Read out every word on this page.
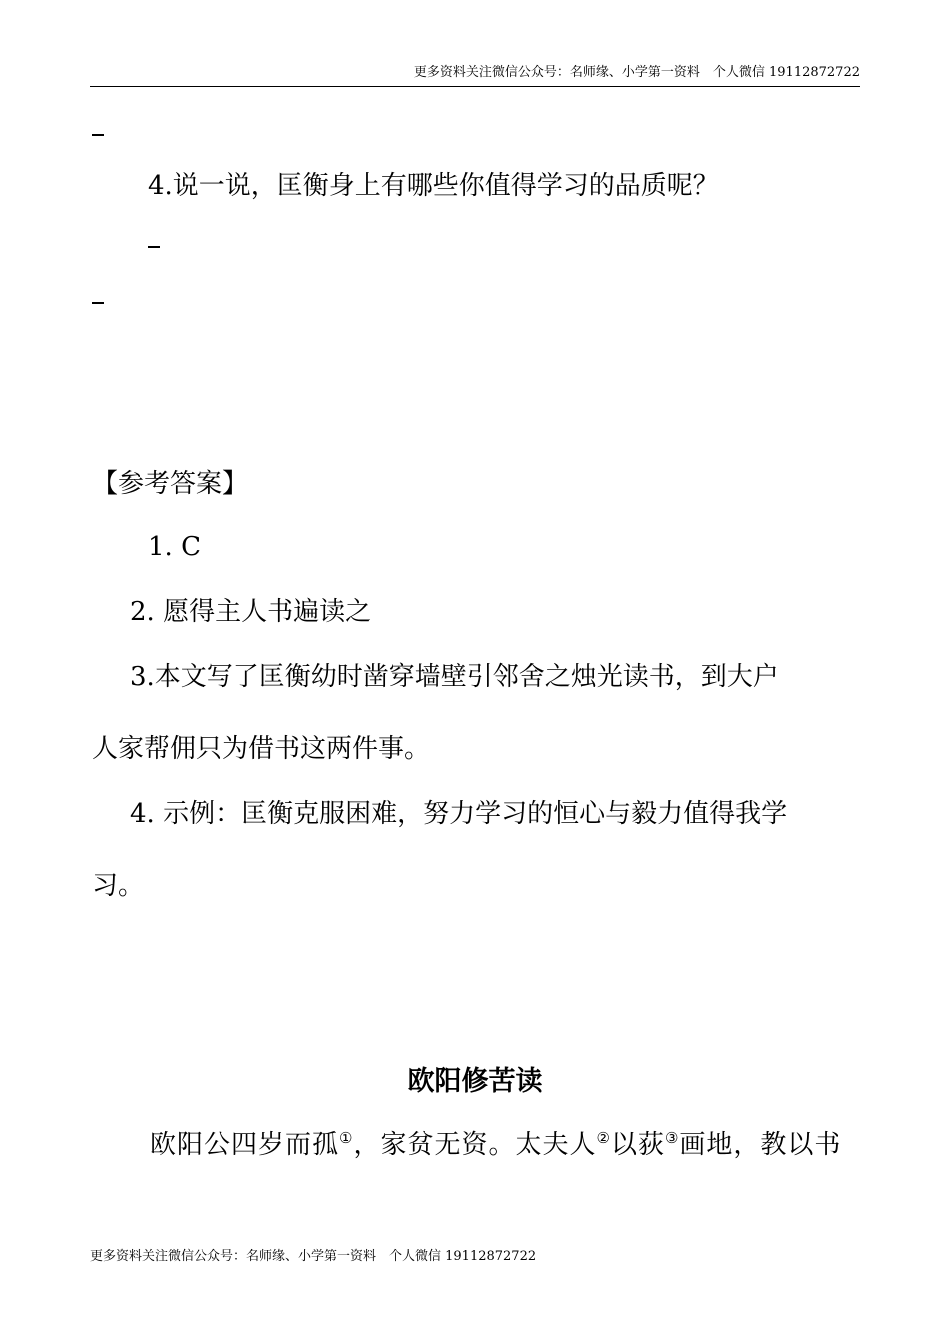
更多资料关注微信公众号：名师缘、小学第一资料　个人微信 19112872722
4.说一说，匡衡身上有哪些你值得学习的品质呢？
【参考答案】
1. C
2. 愿得主人书遍读之
3.本文写了匡衡幼时凿穿墙壁引邻舍之烛光读书，到大户
人家帮佣只为借书这两件事。
4. 示例：匡衡克服困难，努力学习的恒心与毅力值得我学
习。
欧阳修苦读
欧阳公四岁而孤①，家贫无资。太夫人②以荻③画地，教以书
更多资料关注微信公众号：名师缘、小学第一资料　个人微信 19112872722
